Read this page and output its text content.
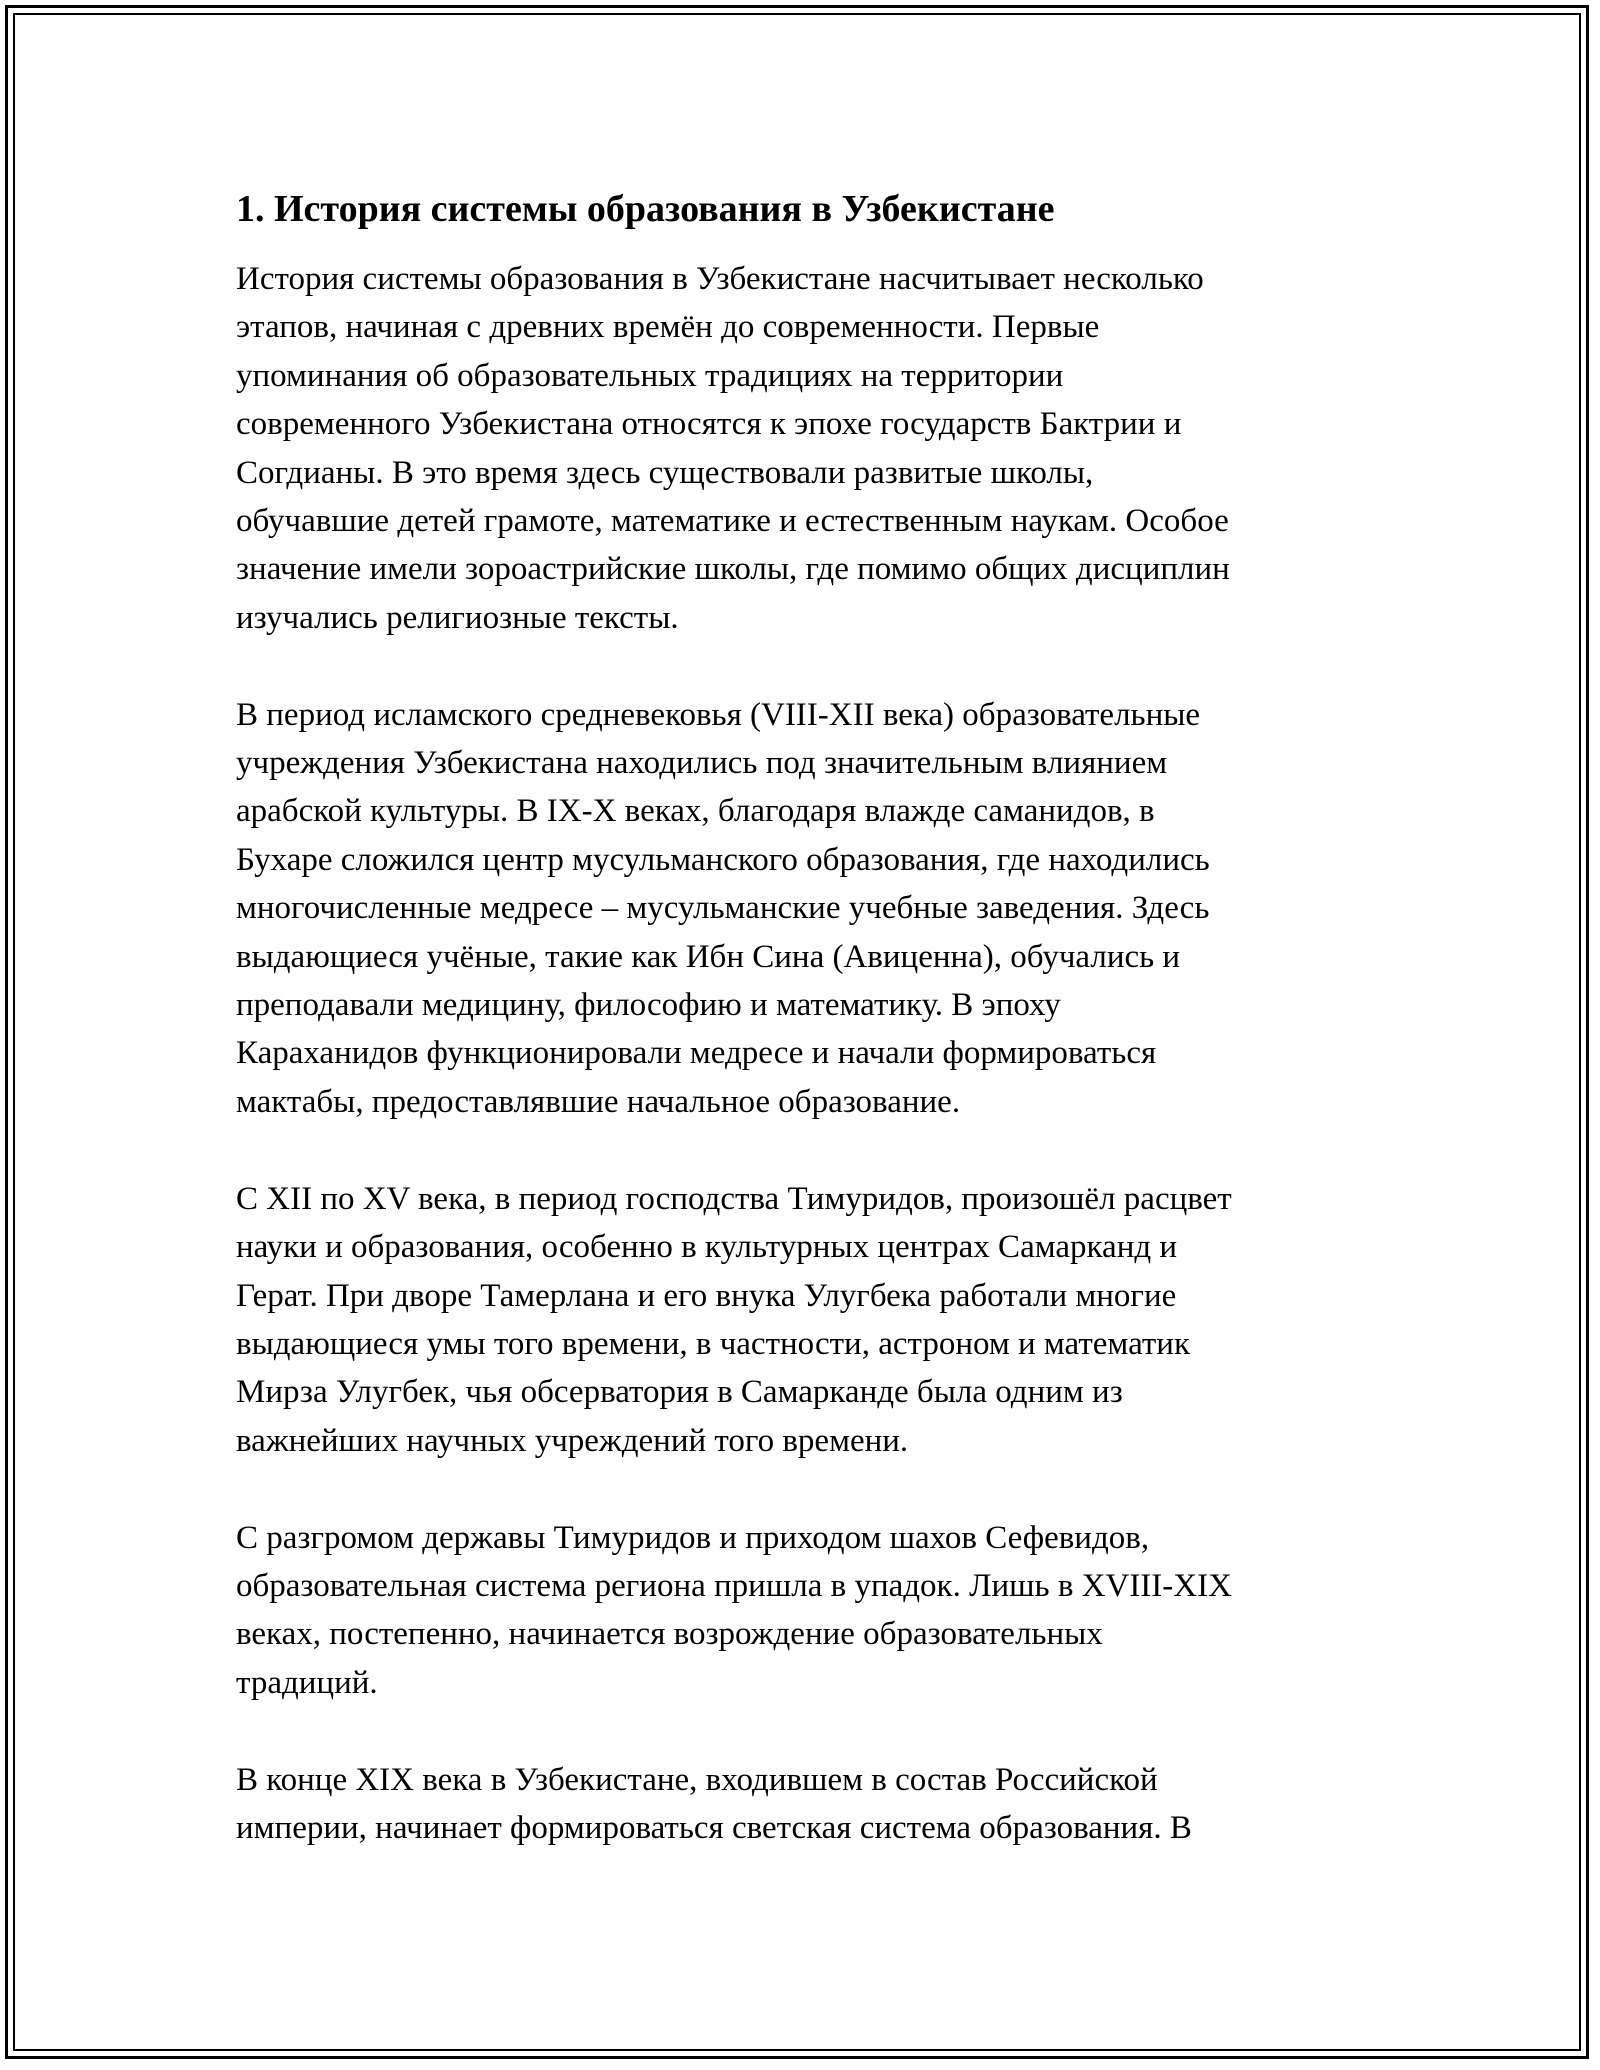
1. История системы образования в Узбекистане

История системы образования в Узбекистане насчитывает несколько
этапов, начиная с древних времён до современности. Первые
упоминания об образовательных традициях на территории
современного Узбекистана относятся к эпохе государств Бактрии и
Согдианы. В это время здесь существовали развитые школы,
обучавшие детей грамоте, математике и естественным наукам. Особое
значение имели зороастрийские школы, где помимо общих дисциплин
изучались религиозные тексты.

В период исламского средневековья (VIII-XII века) образовательные
учреждения Узбекистана находились под значительным влиянием
арабской культуры. В IX-X веках, благодаря влажде саманидов, в
Бухаре сложился центр мусульманского образования, где находились
многочисленные медресе – мусульманские учебные заведения. Здесь
выдающиеся учёные, такие как Ибн Сина (Авиценна), обучались и
преподавали медицину, философию и математику. В эпоху
Караханидов функционировали медресе и начали формироваться
мактабы, предоставлявшие начальное образование.

С XII по XV века, в период господства Тимуридов, произошёл расцвет
науки и образования, особенно в культурных центрах Самарканд и
Герат. При дворе Тамерлана и его внука Улугбека работали многие
выдающиеся умы того времени, в частности, астроном и математик
Мирза Улугбек, чья обсерватория в Самарканде была одним из
важнейших научных учреждений того времени.

С разгромом державы Тимуридов и приходом шахов Сефевидов,
образовательная система региона пришла в упадок. Лишь в XVIII-XIX
веках, постепенно, начинается возрождение образовательных
традиций.

В конце XIX века в Узбекистане, входившем в состав Российской
империи, начинает формироваться светская система образования. В
